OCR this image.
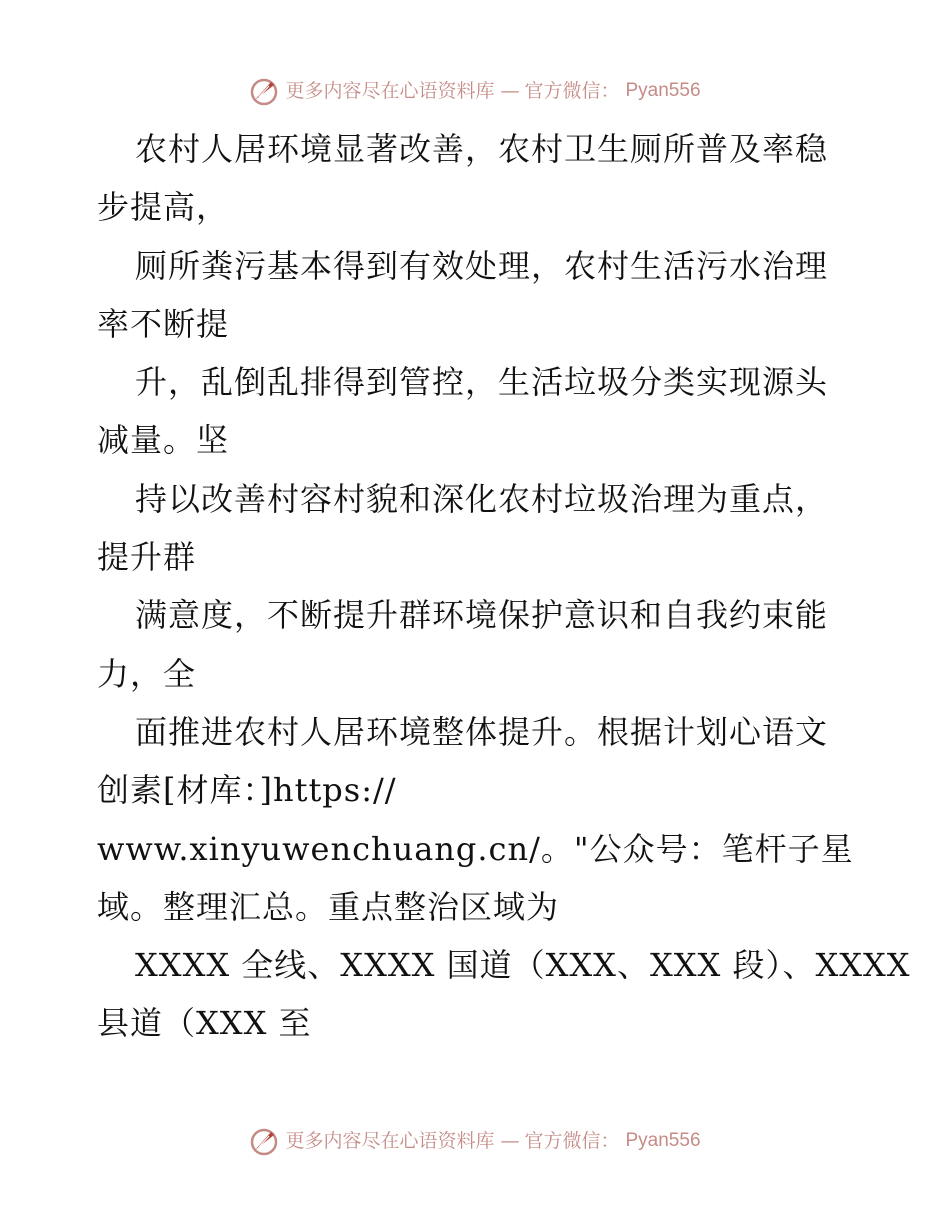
更多内容尽在心语资料库 — 官方微信： Pyan556
农村人居环境显著改善，农村卫生厕所普及率稳
步提高，
厕所粪污基本得到有效处理，农村生活污水治理
率不断提
升，乱倒乱排得到管控，生活垃圾分类实现源头
减量。坚
持以改善村容村貌和深化农村垃圾治理为重点，
提升群
满意度，不断提升群环境保护意识和自我约束能
力，全
面推进农村人居环境整体提升。根据计划心语文
创素[材库：]https://
www.xinyuwenchuang.cn/。"公众号：笔杆子星
域。整理汇总。重点整治区域为
XXXX 全线、XXXX 国道（XXX、XXX 段）、XXXX
县道（XXX 至
更多内容尽在心语资料库 — 官方微信： Pyan556
